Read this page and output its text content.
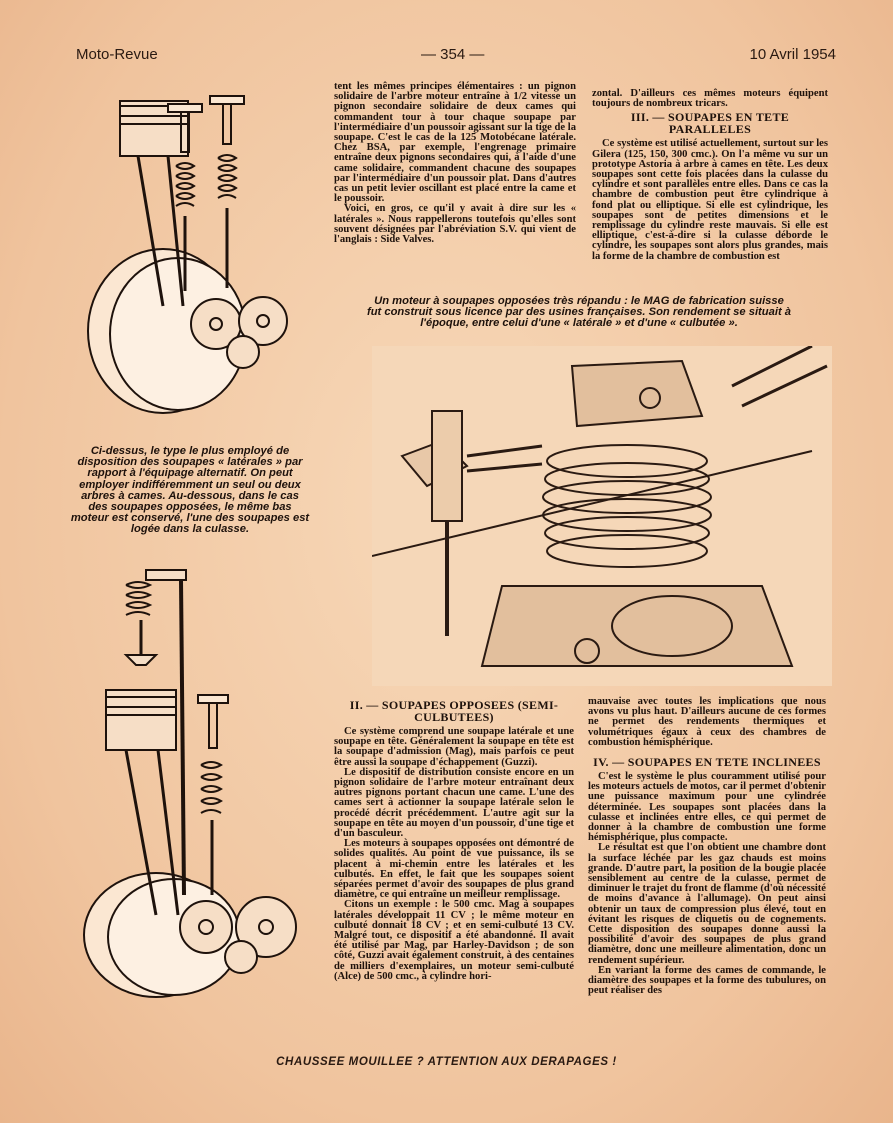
Moto-Revue	— 354 —	10 Avril 1954

tent les mêmes principes élémentaires : un pignon solidaire de l'arbre moteur entraîne à 1/2 vitesse un pignon secondaire solidaire de deux cames qui commandent tour à tour chaque soupape par l'intermédiaire d'un poussoir agissant sur la tige de la soupape. C'est le cas de la 125 Motobécane latérale. Chez BSA, par exemple, l'engrenage primaire entraîne deux pignons secondaires qui, à l'aide d'une came solidaire, commandent chacune des soupapes par l'intermédiaire d'un poussoir plat. Dans d'autres cas un petit levier oscillant est placé entre la came et le poussoir.

Voici, en gros, ce qu'il y avait à dire sur les « latérales ». Nous rappellerons toutefois qu'elles sont souvent désignées par l'abréviation S.V. qui vient de l'anglais : Side Valves.

zontal. D'ailleurs ces mêmes moteurs équipent toujours de nombreux tricars.

III. — SOUPAPES EN TETE PARALLELES

Ce système est utilisé actuellement, surtout sur les Gilera (125, 150, 300 cmc.). On l'a même vu sur un prototype Astoria à arbre à cames en tête. Les deux soupapes sont cette fois placées dans la culasse du cylindre et sont parallèles entre elles. Dans ce cas la chambre de combustion peut être cylindrique à fond plat ou elliptique. Si elle est cylindrique, les soupapes sont de petites dimensions et le remplissage du cylindre reste mauvais. Si elle est elliptique, c'est-à-dire si la culasse déborde le cylindre, les soupapes sont alors plus grandes, mais la forme de la chambre de combustion est

Un moteur à soupapes opposées très répandu : le MAG de fabrication suisse fut construit sous licence par des usines françaises. Son rendement se situait à l'époque, entre celui d'une « latérale » et d'une « culbutée ».
Ci-dessus, le type le plus employé de disposition des soupapes « latérales » par rapport à l'équipage alternatif. On peut employer indifféremment un seul ou deux arbres à cames. Au-dessous, dans le cas des soupapes opposées, le même bas moteur est conservé, l'une des soupapes est logée dans la culasse.
II. — SOUPAPES OPPOSEES (SEMI-CULBUTEES)

Ce système comprend une soupape latérale et une soupape en tête. Généralement la soupape en tête est la soupape d'admission (Mag), mais parfois ce peut être aussi la soupape d'échappement (Guzzi).

Le dispositif de distribution consiste encore en un pignon solidaire de l'arbre moteur entraînant deux autres pignons portant chacun une came. L'une des cames sert à actionner la soupape latérale selon le procédé décrit précédemment. L'autre agit sur la soupape en tête au moyen d'un poussoir, d'une tige et d'un basculeur.

Les moteurs à soupapes opposées ont démontré de solides qualités. Au point de vue puissance, ils se placent à mi-chemin entre les latérales et les culbutés. En effet, le fait que les soupapes soient séparées permet d'avoir des soupapes de plus grand diamètre, ce qui entraîne un meilleur remplissage.

Citons un exemple : le 500 cmc. Mag à soupapes latérales développait 11 CV ; le même moteur en culbuté donnait 18 CV ; et en semi-culbuté 13 CV. Malgré tout, ce dispositif a été abandonné. Il avait été utilisé par Mag, par Harley-Davidson ; de son côté, Guzzi avait également construit, à des centaines de milliers d'exemplaires, un moteur semi-culbuté (Alce) de 500 cmc., à cylindre hori-

mauvaise avec toutes les implications que nous avons vu plus haut. D'ailleurs aucune de ces formes ne permet des rendements thermiques et volumétriques égaux à ceux des chambres de combustion hémisphérique.

IV. — SOUPAPES EN TETE INCLINEES

C'est le système le plus couramment utilisé pour les moteurs actuels de motos, car il permet d'obtenir une puissance maximum pour une cylindrée déterminée. Les soupapes sont placées dans la culasse et inclinées entre elles, ce qui permet de donner à la chambre de combustion une forme hémisphérique, plus compacte.

Le résultat est que l'on obtient une chambre dont la surface léchée par les gaz chauds est moins grande. D'autre part, la position de la bougie placée sensiblement au centre de la culasse, permet de diminuer le trajet du front de flamme (d'où nécessité de moins d'avance à l'allumage). On peut ainsi obtenir un taux de compression plus élevé, tout en évitant les risques de cliquetis ou de cognements. Cette disposition des soupapes donne aussi la possibilité d'avoir des soupapes de plus grand diamètre, donc une meilleure alimentation, donc un rendement supérieur.

En variant la forme des cames de commande, le diamètre des soupapes et la forme des tubulures, on peut réaliser des

CHAUSSEE MOUILLEE ? ATTENTION AUX DERAPAGES !
